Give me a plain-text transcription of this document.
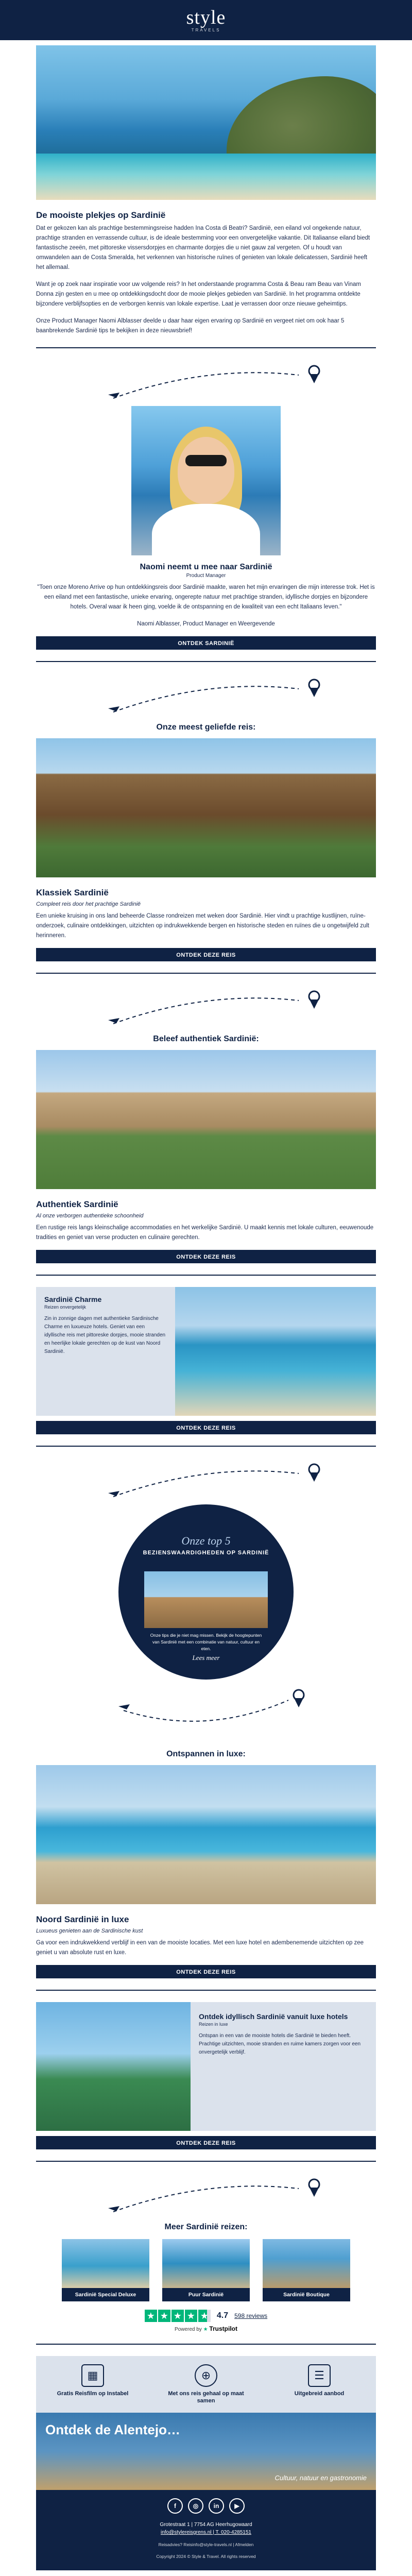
style
TRAVELS
De mooiste plekjes op Sardinië

Dat er gekozen kan als prachtige bestemmingsreise hadden Ina Costa di Beatri? Sardinië, een eiland vol ongekende natuur, prachtige stranden en verrassende cultuur, is de ideale bestemming voor een onvergetelijke vakantie. Dit Italiaanse eiland biedt fantastische zeeën, met pittoreske vissersdorpjes en charmante dorpjes die u niet gauw zal vergeten. Of u houdt van omwandelen aan de Costa Smeralda, het verkennen van historische ruïnes of genieten van lokale delicatessen, Sardinië heeft het allemaal.

Want je op zoek naar inspiratie voor uw volgende reis? In het onderstaande programma Costa & Beau ram Beau van Vinam Donna zijn gesten en u mee op ontdekkingsdocht door de mooie plekjes gebieden van Sardinië. In het programma ontdekte bijzondere verblijfsopties en de verborgen kennis van lokale expertise. Laat je verrassen door onze nieuwe geheimtips.

Onze Product Manager Naomi Alblasser deelde u daar haar eigen ervaring op Sardinië en vergeet niet om ook haar 5 baanbrekende Sardinië tips te bekijken in deze nieuwsbrief!

Naomi neemt u mee naar Sardinië
Product Manager

"Toen onze Moreno Arrive op hun ontdekkingsreis door Sardinië maakte, waren het mijn ervaringen die mijn interesse trok. Het is een eiland met een fantastische, unieke ervaring, ongerepte natuur met prachtige stranden, idyllische dorpjes en bijzondere hotels. Overal waar ik heen ging, voelde ik de ontspanning en de kwaliteit van een echt Italiaans leven."

Naomi Alblasser, Product Manager en Weergevende

ONTDEK SARDINIË
Onze meest geliefde reis:
Klassiek Sardinië
Compleet reis door het prachtige Sardinië

Een unieke kruising in ons land beheerde Classe rondreizen met weken door Sardinië. Hier vindt u prachtige kustlijnen, ruïne-onderzoek, culinaire ontdekkingen, uitzichten op indrukwekkende bergen en historische steden en ruïnes die u ongetwijfeld zult herinneren.

ONTDEK DEZE REIS
Beleef authentiek Sardinië:
Authentiek Sardinië
Al onze verborgen authentieke schoonheid

Een rustige reis langs kleinschalige accommodaties en het werkelijke Sardinië. U maakt kennis met lokale culturen, eeuwenoude tradities en geniet van verse producten en culinaire gerechten.

ONTDEK DEZE REIS
Sardinië Charme
Reizen onvergetelijk

Zin in zonnige dagen met authentieke Sardinische Charme en luxueuze hotels. Geniet van een idyllische reis met pittoreske dorpjes, mooie stranden en heerlijke lokale gerechten op de kust van Noord Sardinië.

ONTDEK DEZE REIS
Onze top 5
BEZIENSWAARDIGHEDEN OP SARDINIË
Onze tips die je niet mag missen. Bekijk de hoogtepunten van Sardinië met een combinatie van natuur, cultuur en eten.
Lees meer
Ontspannen in luxe:
Noord Sardinië in luxe
Luxueus genieten aan de Sardinische kust

Ga voor een indrukwekkend verblijf in een van de mooiste locaties. Met een luxe hotel en adembenemende uitzichten op zee geniet u van absolute rust en luxe.

ONTDEK DEZE REIS
Ontdek idyllisch Sardinië vanuit luxe hotels
Reizen in luxe

Ontspan in een van de mooiste hotels die Sardinië te bieden heeft. Prachtige uitzichten, mooie stranden en ruime kamers zorgen voor een onvergetelijk verblijf.

ONTDEK DEZE REIS
Meer Sardinië reizen:
Sardinië Special Deluxe	Puur Sardinië	Sardinië Boutique
★ ★ ★ ★ ★ 4.7 598 reviews
Powered by ★ Trustpilot
▦
Gratis Reisfilm op Instabel
⊕
Met ons reis gehaal op maat samen
☰
Uitgebreid aanbod
Ontdek de Alentejo…
Cultuur, natuur en gastronomie
f	◎	in	▶
Grotestraat 1 | 7754 AG Heerhugowaard
info@stylereisgrens.nl | T. 020-4285151
Reisadvies? Reisinfo@style-travels.nl | Afmelden
Copyright 2024 © Style & Travel. All rights reserved
